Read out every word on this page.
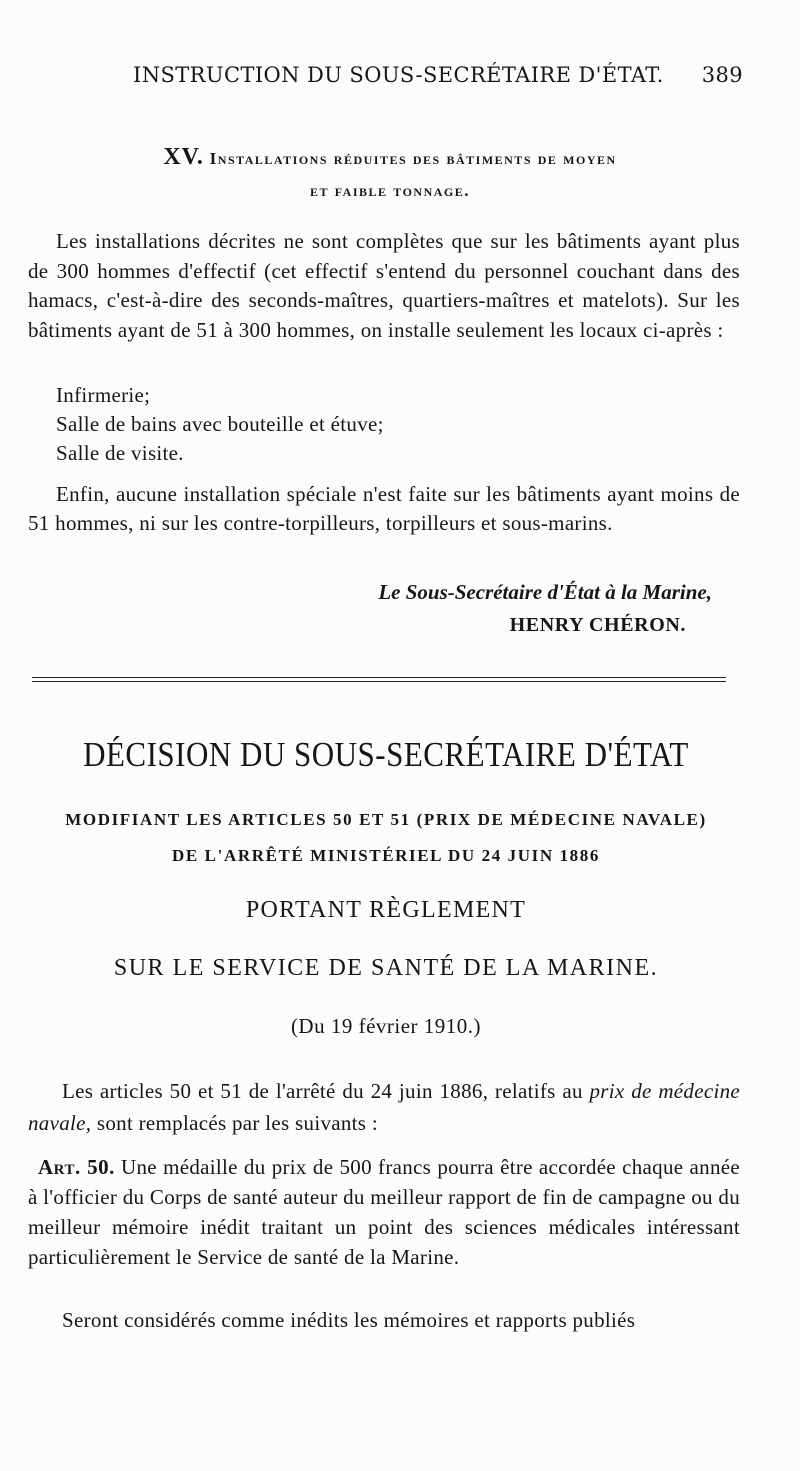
INSTRUCTION DU SOUS-SECRÉTAIRE D'ÉTAT. 389
XV. Installations réduites des bâtiments de moyen
et faible tonnage.

Les installations décrites ne sont complètes que sur les bâtiments ayant plus de 300 hommes d'effectif (cet effectif s'entend du personnel couchant dans des hamacs, c'est-à-dire des seconds-maîtres, quartiers-maîtres et matelots). Sur les bâtiments ayant de 51 à 300 hommes, on installe seulement les locaux ci-après :

Infirmerie;
Salle de bains avec bouteille et étuve;
Salle de visite.

Enfin, aucune installation spéciale n'est faite sur les bâtiments ayant moins de 51 hommes, ni sur les contre-torpilleurs, torpilleurs et sous-marins.

Le Sous-Secrétaire d'État à la Marine,
HENRY CHÉRON.
DÉCISION DU SOUS-SECRÉTAIRE D'ÉTAT
MODIFIANT LES ARTICLES 50 ET 51 (PRIX DE MÉDECINE NAVALE)
DE L'ARRÊTÉ MINISTÉRIEL DU 24 JUIN 1886
PORTANT RÈGLEMENT
SUR LE SERVICE DE SANTÉ DE LA MARINE.
(Du 19 février 1910.)

Les articles 50 et 51 de l'arrêté du 24 juin 1886, relatifs au prix de médecine navale, sont remplacés par les suivants :

Art. 50. Une médaille du prix de 500 francs pourra être accordée chaque année à l'officier du Corps de santé auteur du meilleur rapport de fin de campagne ou du meilleur mémoire inédit traitant un point des sciences médicales intéressant particulièrement le Service de santé de la Marine.

Seront considérés comme inédits les mémoires et rapports publiés
